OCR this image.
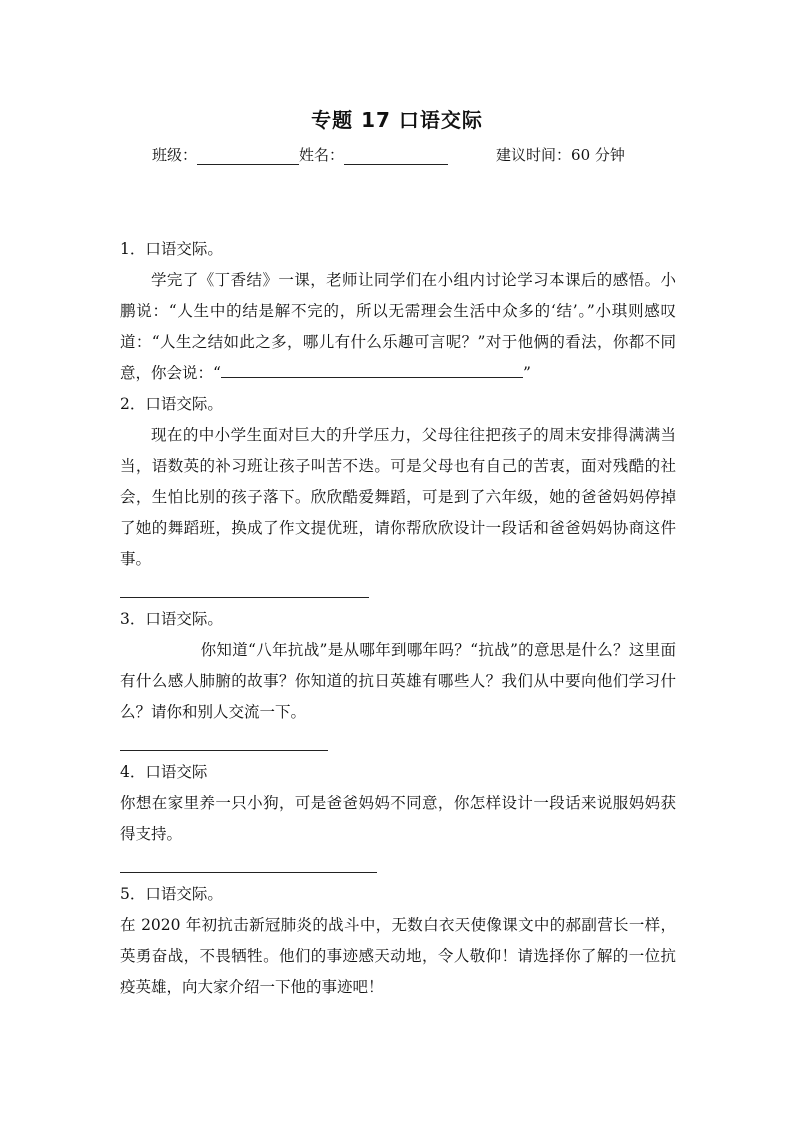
专题 17 口语交际
班级：	姓名：	建议时间：60 分钟
1．口语交际。
学完了《丁香结》一课，老师让同学们在小组内讨论学习本课后的感悟。小鹏说：“人生中的结是解不完的，所以无需理会生活中众多的‘结’。”小琪则感叹道：“人生之结如此之多，哪儿有什么乐趣可言呢？”对于他俩的看法，你都不同意，你会说：“	”
2．口语交际。
现在的中小学生面对巨大的升学压力，父母往往把孩子的周末安排得满满当当，语数英的补习班让孩子叫苦不迭。可是父母也有自己的苦衷，面对残酷的社会，生怕比别的孩子落下。欣欣酷爱舞蹈，可是到了六年级，她的爸爸妈妈停掉了她的舞蹈班，换成了作文提优班，请你帮欣欣设计一段话和爸爸妈妈协商这件事。
3．口语交际。
你知道“八年抗战”是从哪年到哪年吗？“抗战”的意思是什么？这里面有什么感人肺腑的故事？你知道的抗日英雄有哪些人？我们从中要向他们学习什么？请你和别人交流一下。
4．口语交际
你想在家里养一只小狗，可是爸爸妈妈不同意，你怎样设计一段话来说服妈妈获得支持。
5．口语交际。
在 2020 年初抗击新冠肺炎的战斗中，无数白衣天使像课文中的郝副营长一样，英勇奋战，不畏牺牲。他们的事迹感天动地，令人敬仰！请选择你了解的一位抗疫英雄，向大家介绍一下他的事迹吧！
